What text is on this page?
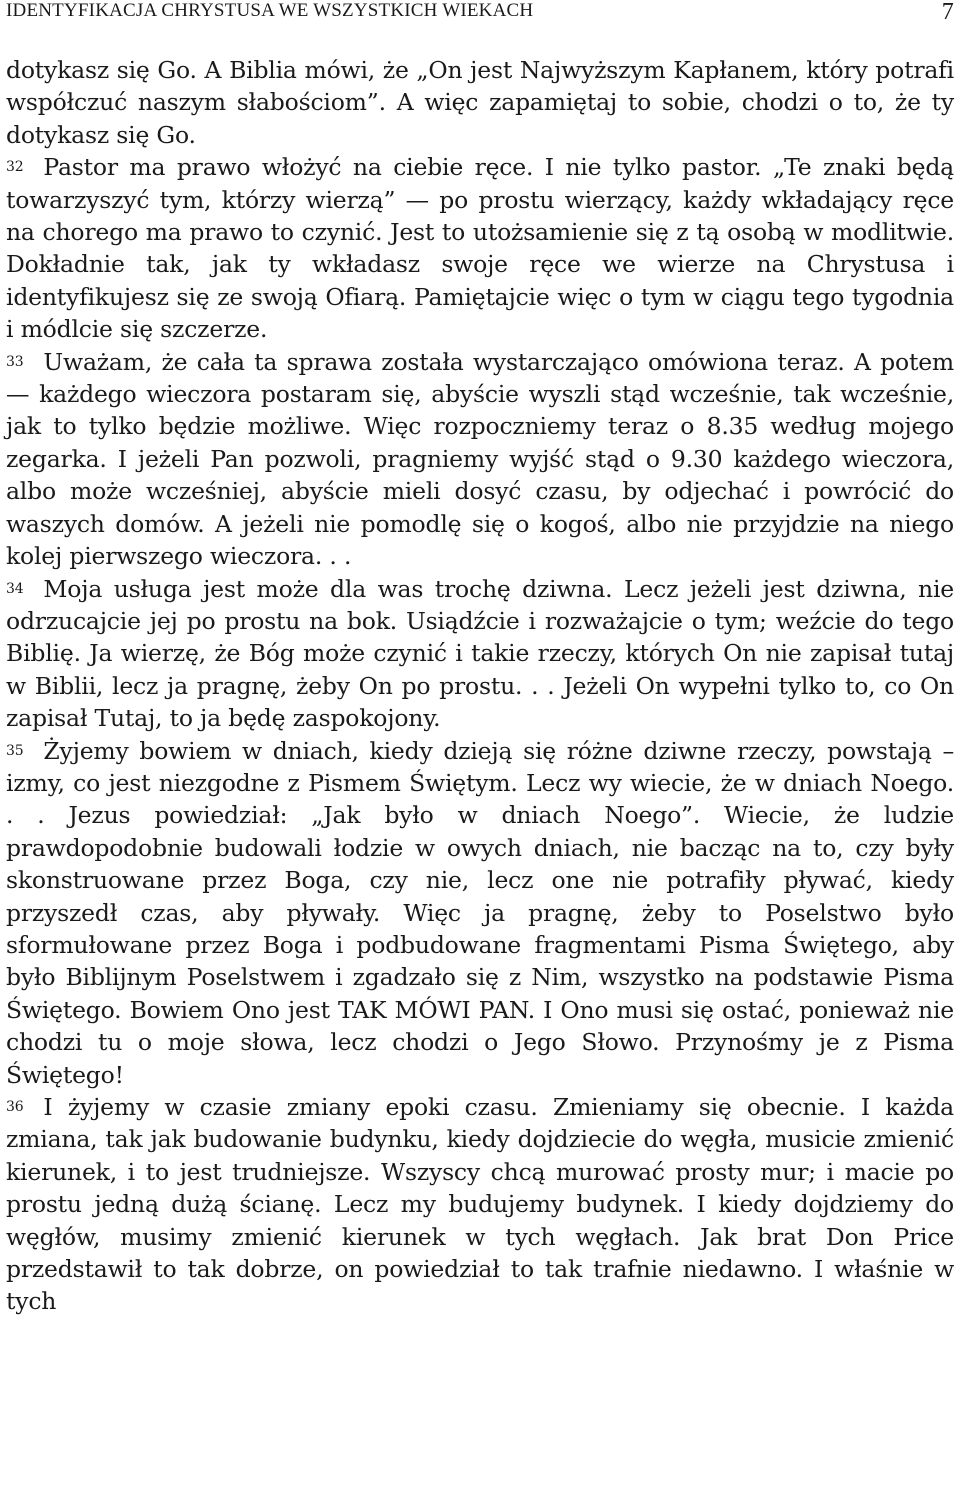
IDENTYFIKACJA CHRYSTUSA WE WSZYSTKICH WIEKACH	7

dotykasz się Go. A Biblia mówi, że „On jest Najwyższym Kapłanem, który potrafi współczuć naszym słabościom”. A więc zapamiętaj to sobie, chodzi o to, że ty dotykasz się Go.

$^{32}$ Pastor ma prawo włożyć na ciebie ręce. I nie tylko pastor. „Te znaki będą towarzyszyć tym, którzy wierzą” — po prostu wierzący, każdy wkładający ręce na chorego ma prawo to czynić. Jest to utożsamienie się z tą osobą w modlitwie. Dokładnie tak, jak ty wkładasz swoje ręce we wierze na Chrystusa i identyfikujesz się ze swoją Ofiarą. Pamiętajcie więc o tym w ciągu tego tygodnia i módlcie się szczerze.

$^{33}$ Uważam, że cała ta sprawa została wystarczająco omówiona teraz. A potem — każdego wieczora postaram się, abyście wyszli stąd wcześnie, tak wcześnie, jak to tylko będzie możliwe. Więc rozpoczniemy teraz o 8.35 według mojego zegarka. I jeżeli Pan pozwoli, pragniemy wyjść stąd o 9.30 każdego wieczora, albo może wcześniej, abyście mieli dosyć czasu, by odjechać i powrócić do waszych domów. A jeżeli nie pomodlę się o kogoś, albo nie przyjdzie na niego kolej pierwszego wieczora. . .

$^{34}$ Moja usługa jest może dla was trochę dziwna. Lecz jeżeli jest dziwna, nie odrzucajcie jej po prostu na bok. Usiądźcie i rozważajcie o tym; weźcie do tego Biblię. Ja wierzę, że Bóg może czynić i takie rzeczy, których On nie zapisał tutaj w Biblii, lecz ja pragnę, żeby On po prostu. . . Jeżeli On wypełni tylko to, co On zapisał Tutaj, to ja będę zaspokojony.

$^{35}$ Żyjemy bowiem w dniach, kiedy dzieją się różne dziwne rzeczy, powstają –izmy, co jest niezgodne z Pismem Świętym. Lecz wy wiecie, że w dniach Noego. . . Jezus powiedział: „Jak było w dniach Noego”. Wiecie, że ludzie prawdopodobnie budowali łodzie w owych dniach, nie bacząc na to, czy były skonstruowane przez Boga, czy nie, lecz one nie potrafiły pływać, kiedy przyszedł czas, aby pływały. Więc ja pragnę, żeby to Poselstwo było sformułowane przez Boga i podbudowane fragmentami Pisma Świętego, aby było Biblijnym Poselstwem i zgadzało się z Nim, wszystko na podstawie Pisma Świętego. Bowiem Ono jest TAK MÓWI PAN. I Ono musi się ostać, ponieważ nie chodzi tu o moje słowa, lecz chodzi o Jego Słowo. Przynośmy je z Pisma Świętego!

$^{36}$ I żyjemy w czasie zmiany epoki czasu. Zmieniamy się obecnie. I każda zmiana, tak jak budowanie budynku, kiedy dojdziecie do węgła, musicie zmienić kierunek, i to jest trudniejsze. Wszyscy chcą murować prosty mur; i macie po prostu jedną dużą ścianę. Lecz my budujemy budynek. I kiedy dojdziemy do węgłów, musimy zmienić kierunek w tych węgłach. Jak brat Don Price przedstawił to tak dobrze, on powiedział to tak trafnie niedawno. I właśnie w tych
